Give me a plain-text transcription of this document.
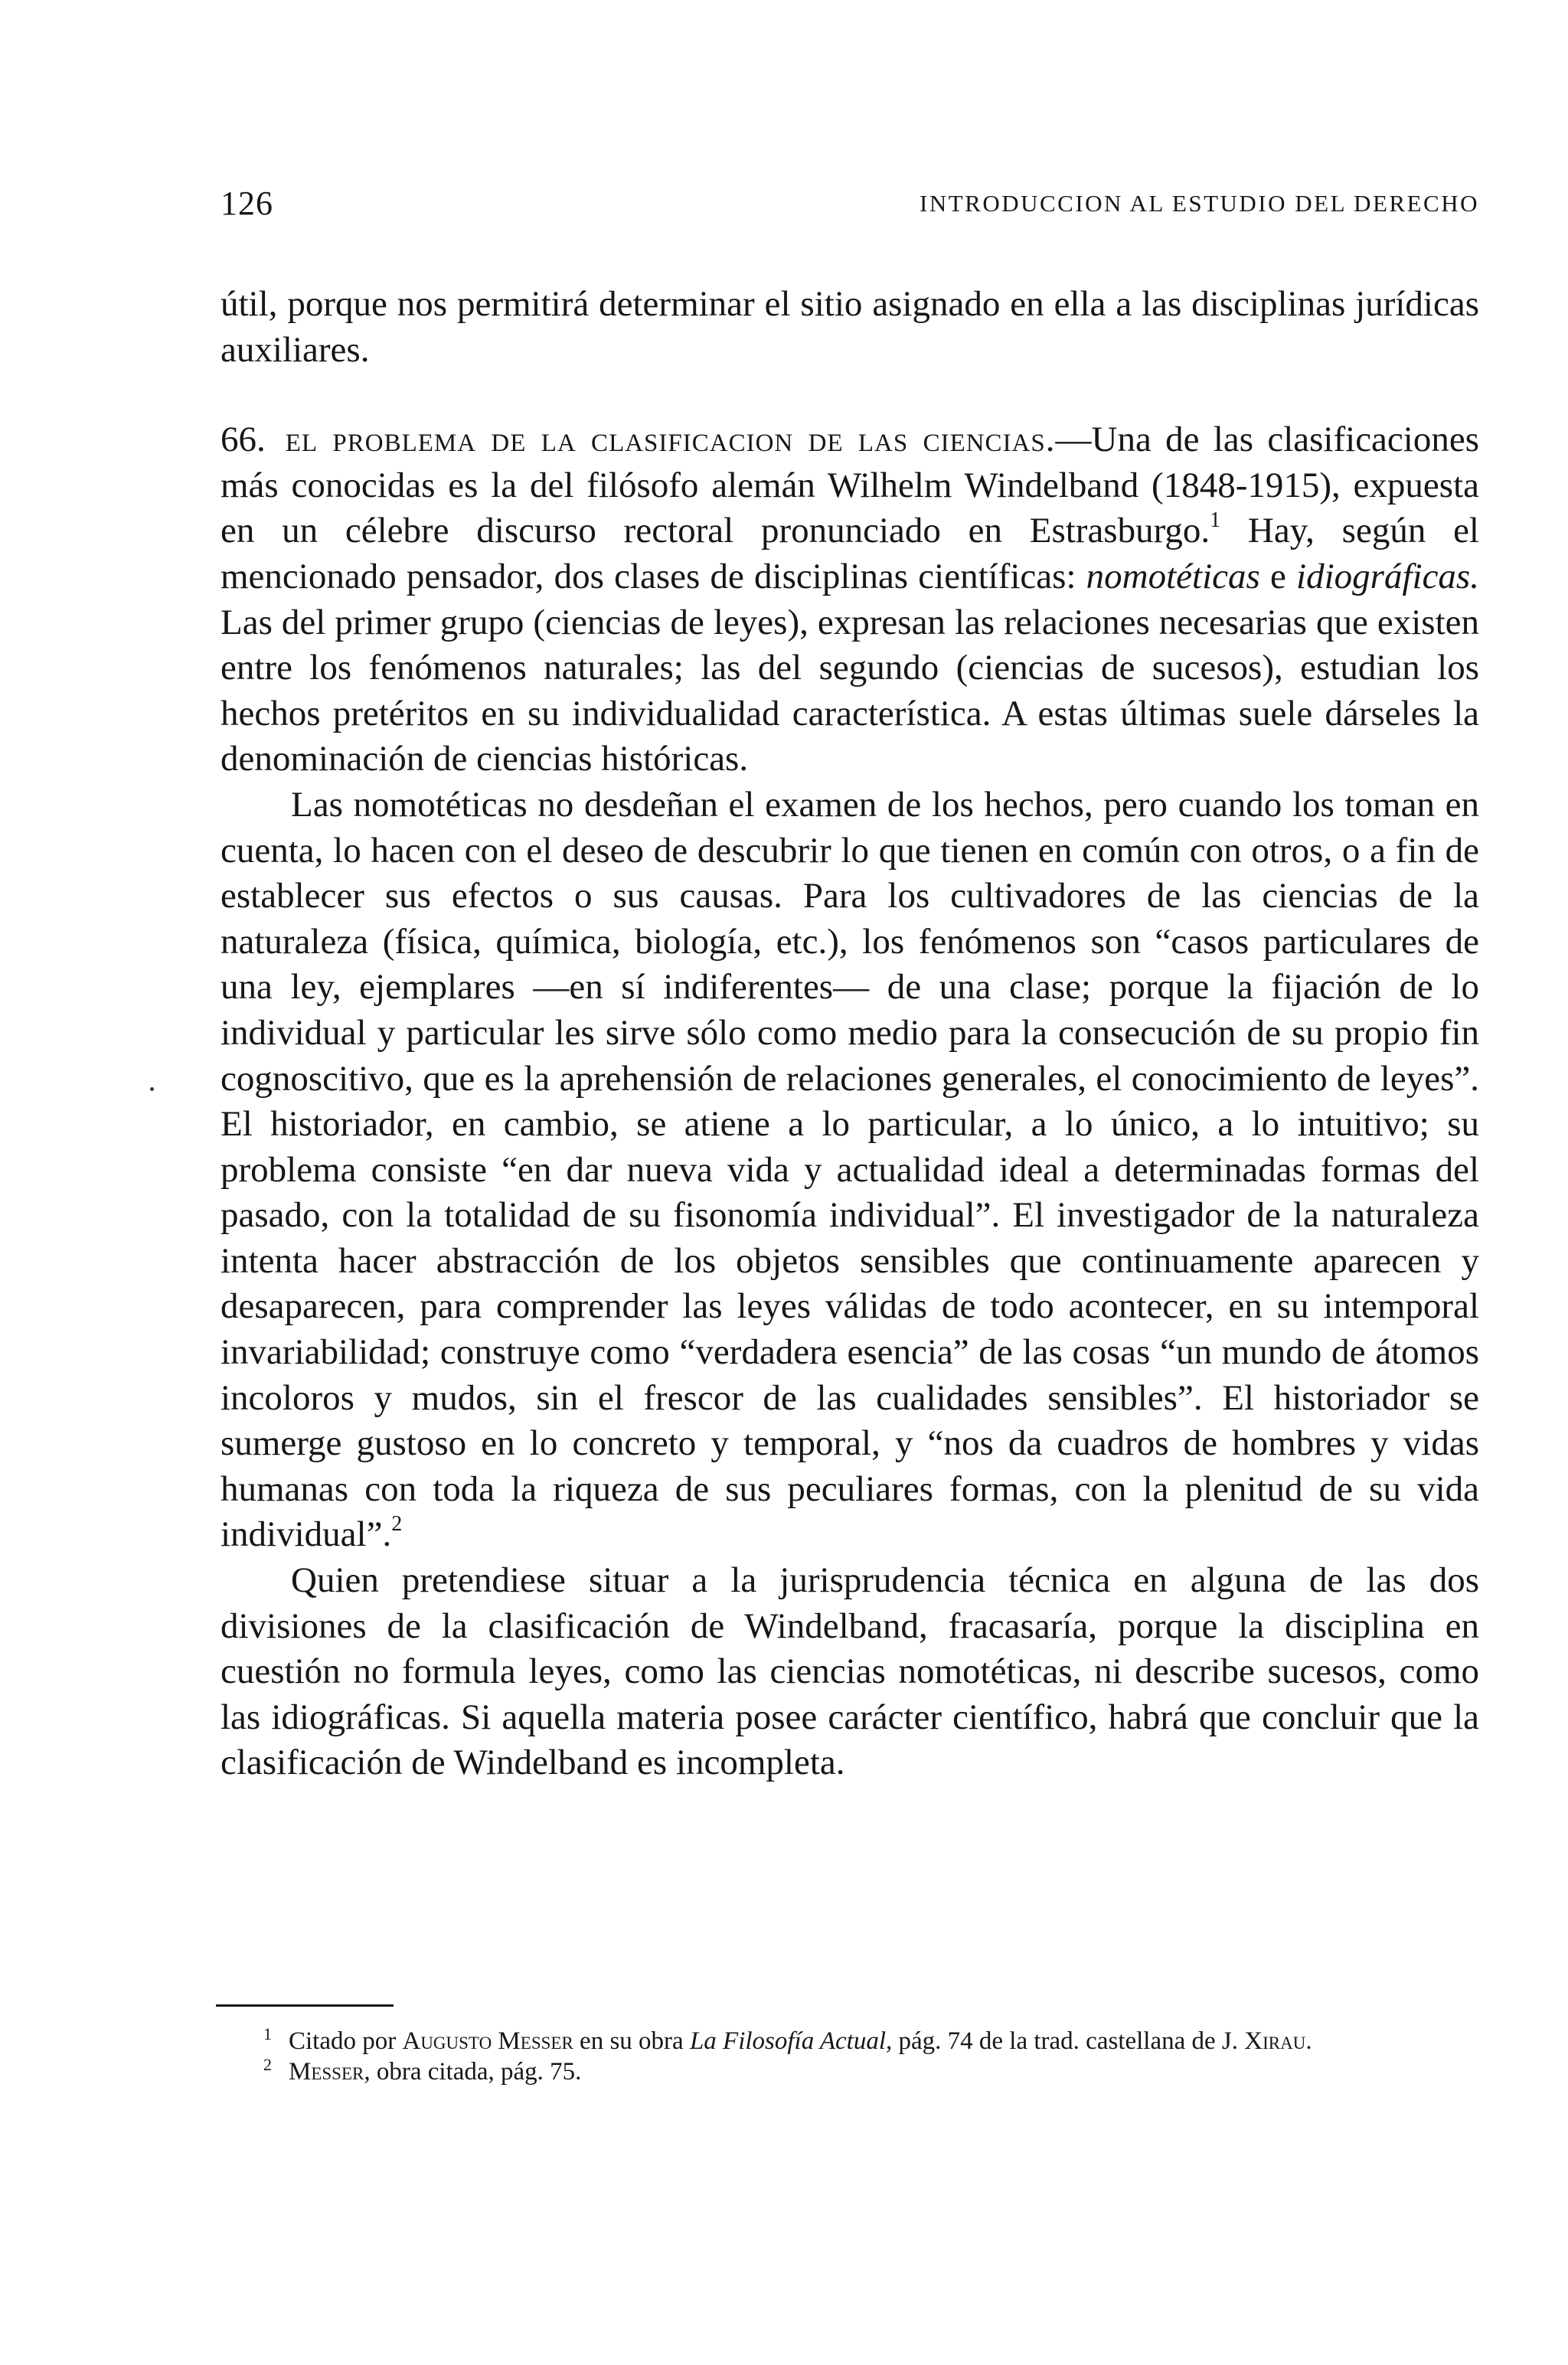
126	INTRODUCCION AL ESTUDIO DEL DERECHO

útil, porque nos permitirá determinar el sitio asignado en ella a las disciplinas jurídicas auxiliares.

66. el problema de la clasificacion de las ciencias.—Una de las clasificaciones más conocidas es la del filósofo alemán Wilhelm Windelband (1848-1915), expuesta en un célebre discurso rectoral pronunciado en Estrasburgo.$^1$ Hay, según el mencionado pensador, dos clases de disciplinas científicas: nomotéticas e idiográficas. Las del primer grupo (ciencias de leyes), expresan las relaciones necesarias que existen entre los fenómenos naturales; las del segundo (ciencias de sucesos), estudian los hechos pretéritos en su individualidad característica. A estas últimas suele dárseles la denominación de ciencias históricas.

Las nomotéticas no desdeñan el examen de los hechos, pero cuando los toman en cuenta, lo hacen con el deseo de descubrir lo que tienen en común con otros, o a fin de establecer sus efectos o sus causas. Para los cultivadores de las ciencias de la naturaleza (física, química, biología, etc.), los fenómenos son “casos particulares de una ley, ejemplares —en sí indiferentes— de una clase; porque la fijación de lo individual y particular les sirve sólo como medio para la consecución de su propio fin cognoscitivo, que es la aprehensión de relaciones generales, el conocimiento de leyes”. El historiador, en cambio, se atiene a lo particular, a lo único, a lo intuitivo; su problema consiste “en dar nueva vida y actualidad ideal a determinadas formas del pasado, con la totalidad de su fisonomía individual”. El investigador de la naturaleza intenta hacer abstracción de los objetos sensibles que continuamente aparecen y desaparecen, para comprender las leyes válidas de todo acontecer, en su intemporal invariabilidad; construye como “verdadera esencia” de las cosas “un mundo de átomos incoloros y mudos, sin el frescor de las cualidades sensibles”. El historiador se sumerge gustoso en lo concreto y temporal, y “nos da cuadros de hombres y vidas humanas con toda la riqueza de sus peculiares formas, con la plenitud de su vida individual”.$^2$

Quien pretendiese situar a la jurisprudencia técnica en alguna de las dos divisiones de la clasificación de Windelband, fracasaría, porque la disciplina en cuestión no formula leyes, como las ciencias nomotéticas, ni describe sucesos, como las idiográficas. Si aquella materia posee carácter científico, habrá que concluir que la clasificación de Windelband es incompleta.

$^1$ Citado por Augusto Messer en su obra La Filosofía Actual, pág. 74 de la trad. castellana de J. Xirau.

$^2$ Messer, obra citada, pág. 75.
